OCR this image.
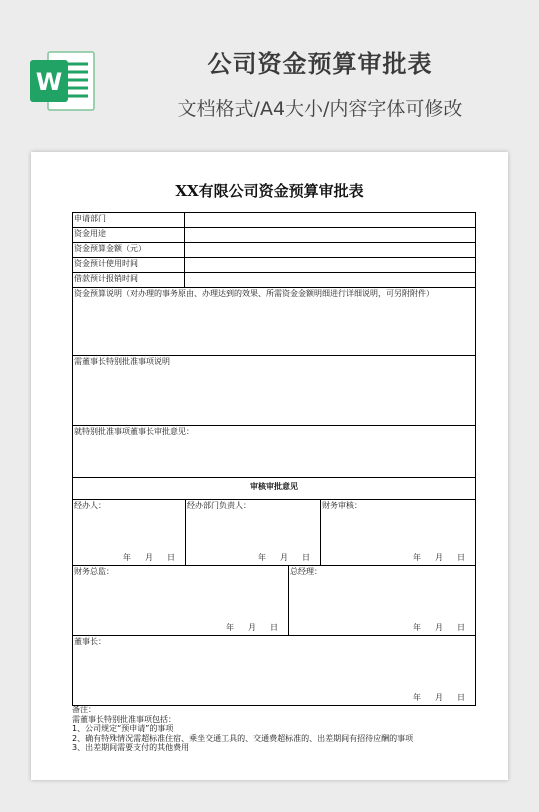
W
公司资金预算审批表
文档格式/A4大小/内容字体可修改
XX有限公司资金预算审批表
申请部门
资金用途
资金预算金额（元）
资金预计使用时间
借款预计报销时间
资金预算说明（对办理的事务原由、办理达到的效果、所需资金金额明细进行详细说明，可另附附件）
需董事长特别批准事项说明
就特别批准事项董事长审批意见：
审核审批意见
经办人：
年 月 日
经办部门负责人：
年 月 日
财务审核：
年 月 日
财务总监：
年 月 日
总经理：
年 月 日
董事长：
年 月 日
备注：
需董事长特别批准事项包括：
1、公司规定“预申请”的事项
2、确有特殊情况需超标准住宿、乘坐交通工具的、交通费超标准的、出差期间有招待应酬的事项
3、出差期间需要支付的其他费用
